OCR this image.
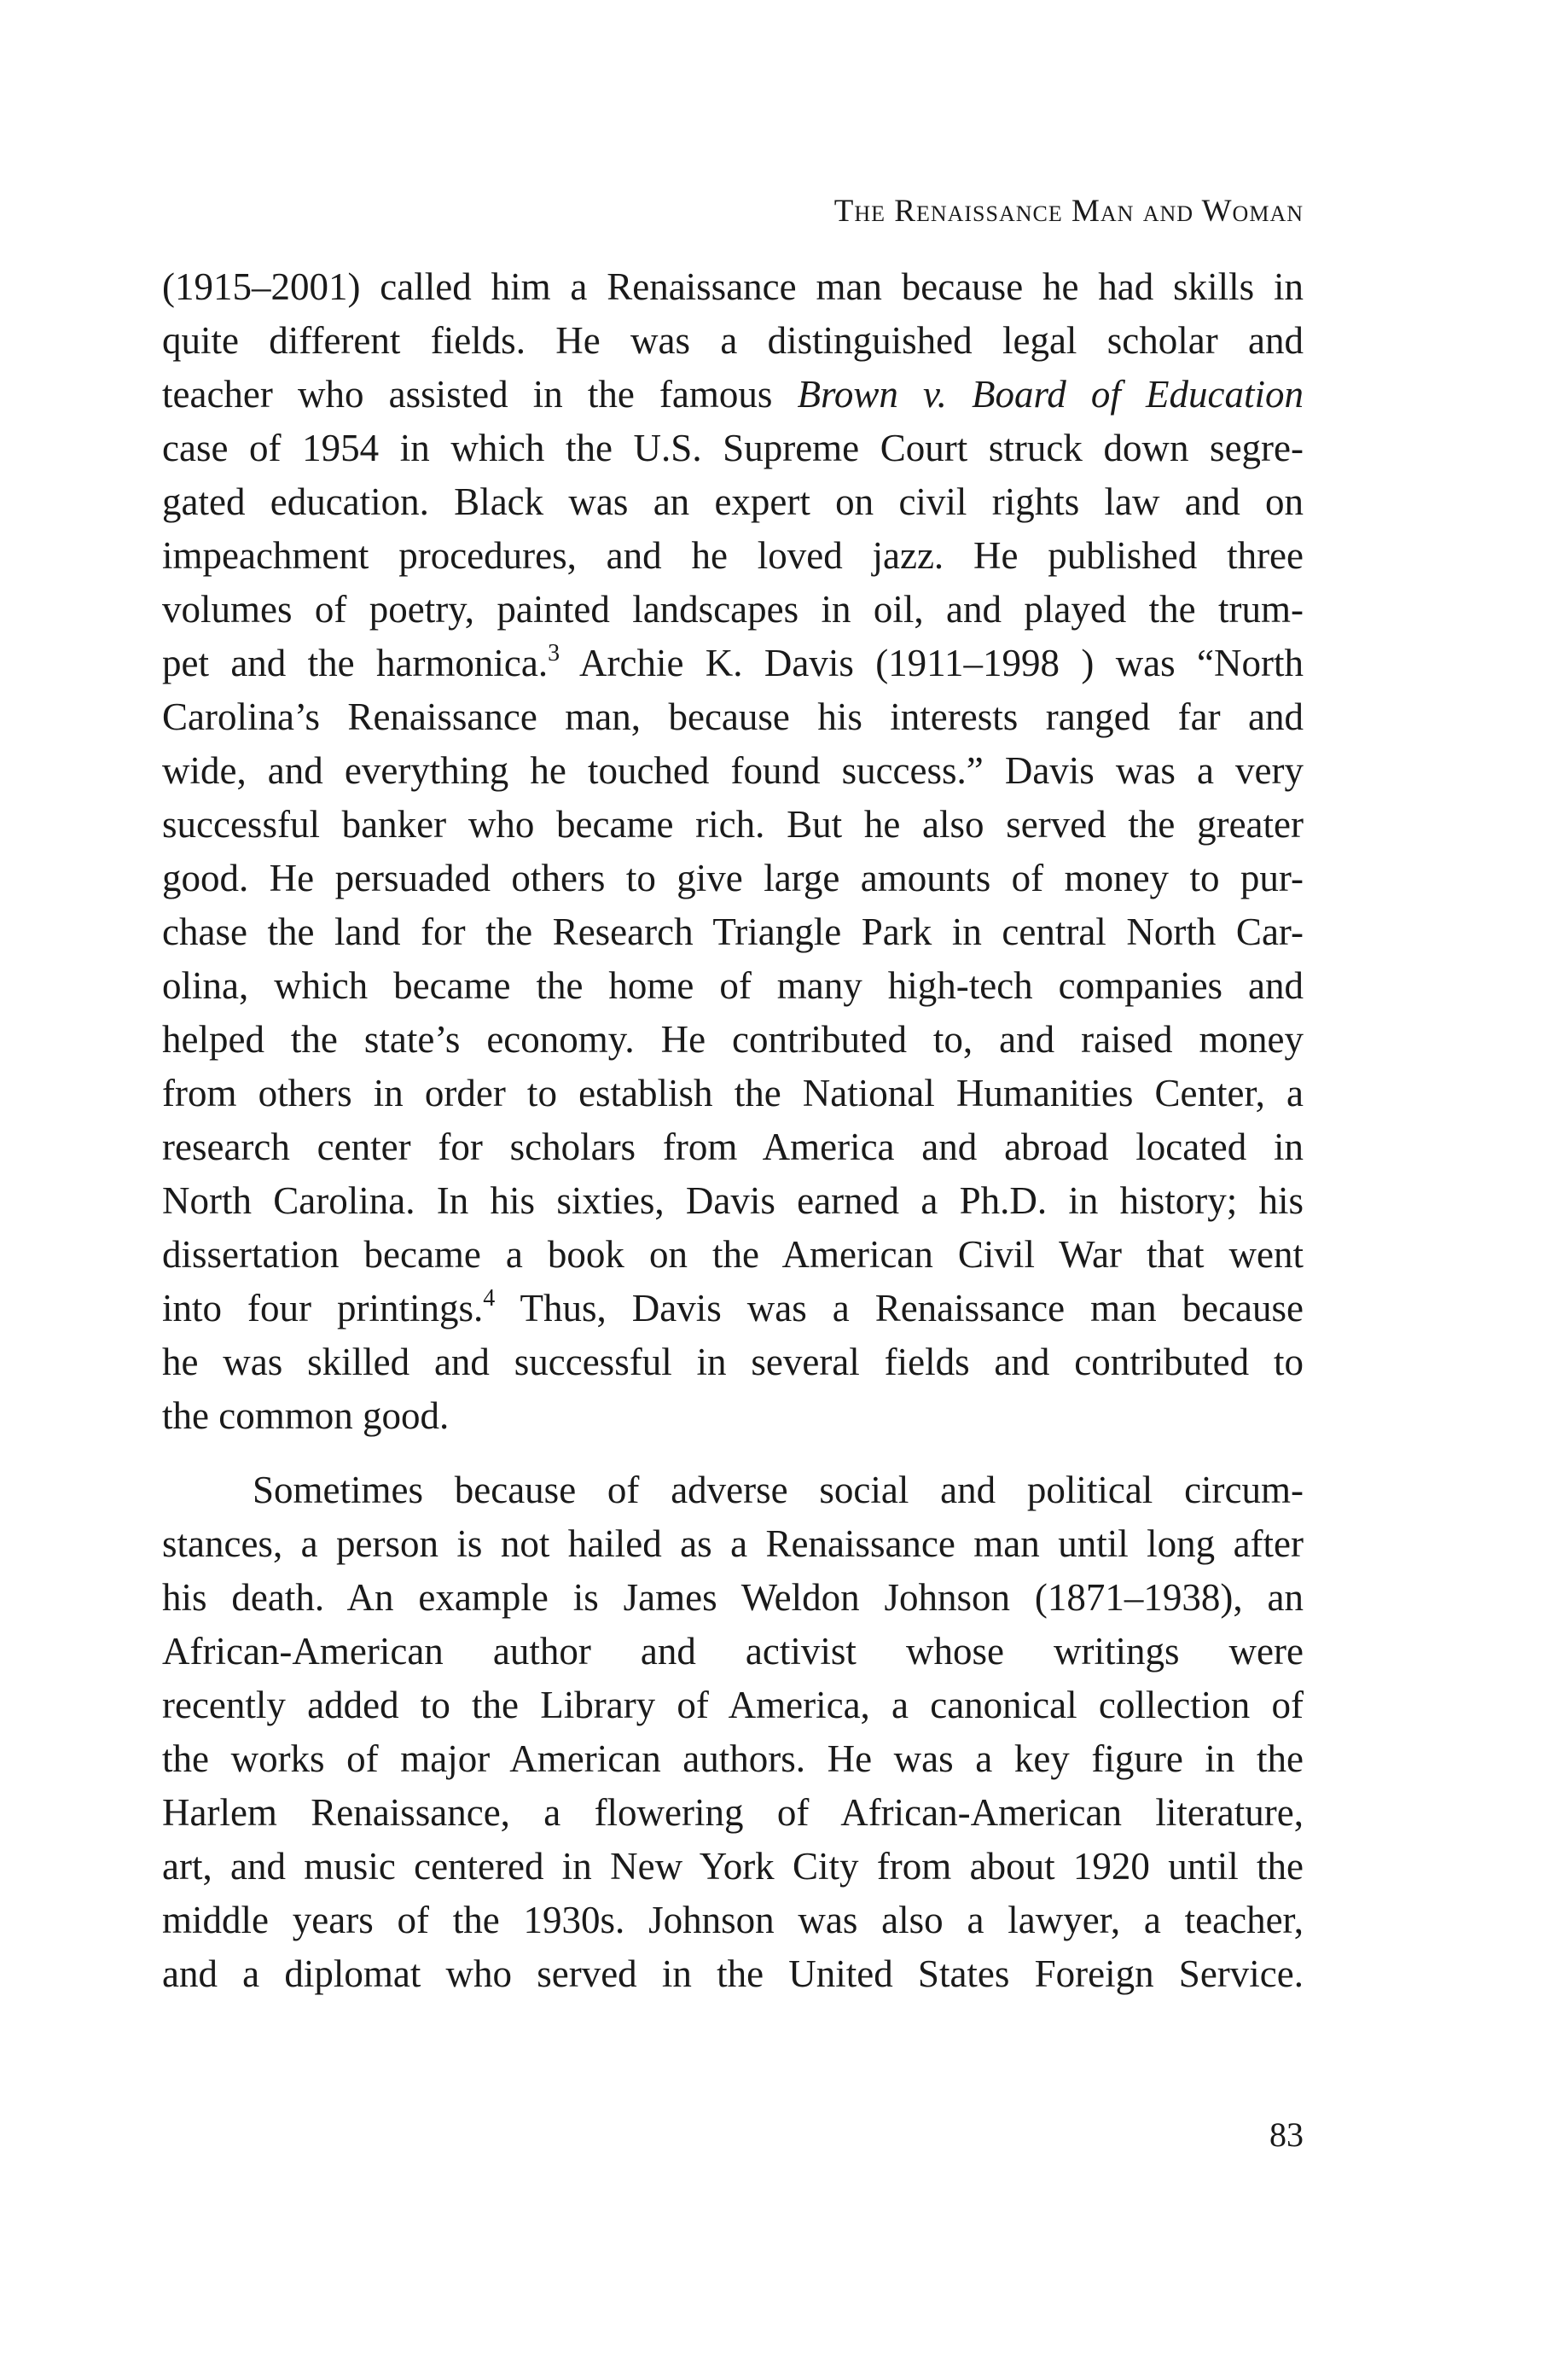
The Renaissance Man and Woman

(1915–2001) called him a Renaissance man because he had skills in
quite different fields. He was a distinguished legal scholar and
teacher who assisted in the famous Brown v. Board of Education
case of 1954 in which the U.S. Supreme Court struck down segre-
gated education. Black was an expert on civil rights law and on
impeachment procedures, and he loved jazz. He published three
volumes of poetry, painted landscapes in oil, and played the trum-
pet and the harmonica.$^3$ Archie K. Davis (1911–1998 ) was “North
Carolina’s Renaissance man, because his interests ranged far and
wide, and everything he touched found success.” Davis was a very
successful banker who became rich. But he also served the greater
good. He persuaded others to give large amounts of money to pur-
chase the land for the Research Triangle Park in central North Car-
olina, which became the home of many high-tech companies and
helped the state’s economy. He contributed to, and raised money
from others in order to establish the National Humanities Center, a
research center for scholars from America and abroad located in
North Carolina. In his sixties, Davis earned a Ph.D. in history; his
dissertation became a book on the American Civil War that went
into four printings.$^4$ Thus, Davis was a Renaissance man because
he was skilled and successful in several fields and contributed to
the common good.

Sometimes because of adverse social and political circum-
stances, a person is not hailed as a Renaissance man until long after
his death. An example is James Weldon Johnson (1871–1938), an
African-American author and activist whose writings were
recently added to the Library of America, a canonical collection of
the works of major American authors. He was a key figure in the
Harlem Renaissance, a flowering of African-American literature,
art, and music centered in New York City from about 1920 until the
middle years of the 1930s. Johnson was also a lawyer, a teacher,
and a diplomat who served in the United States Foreign Service.

83
